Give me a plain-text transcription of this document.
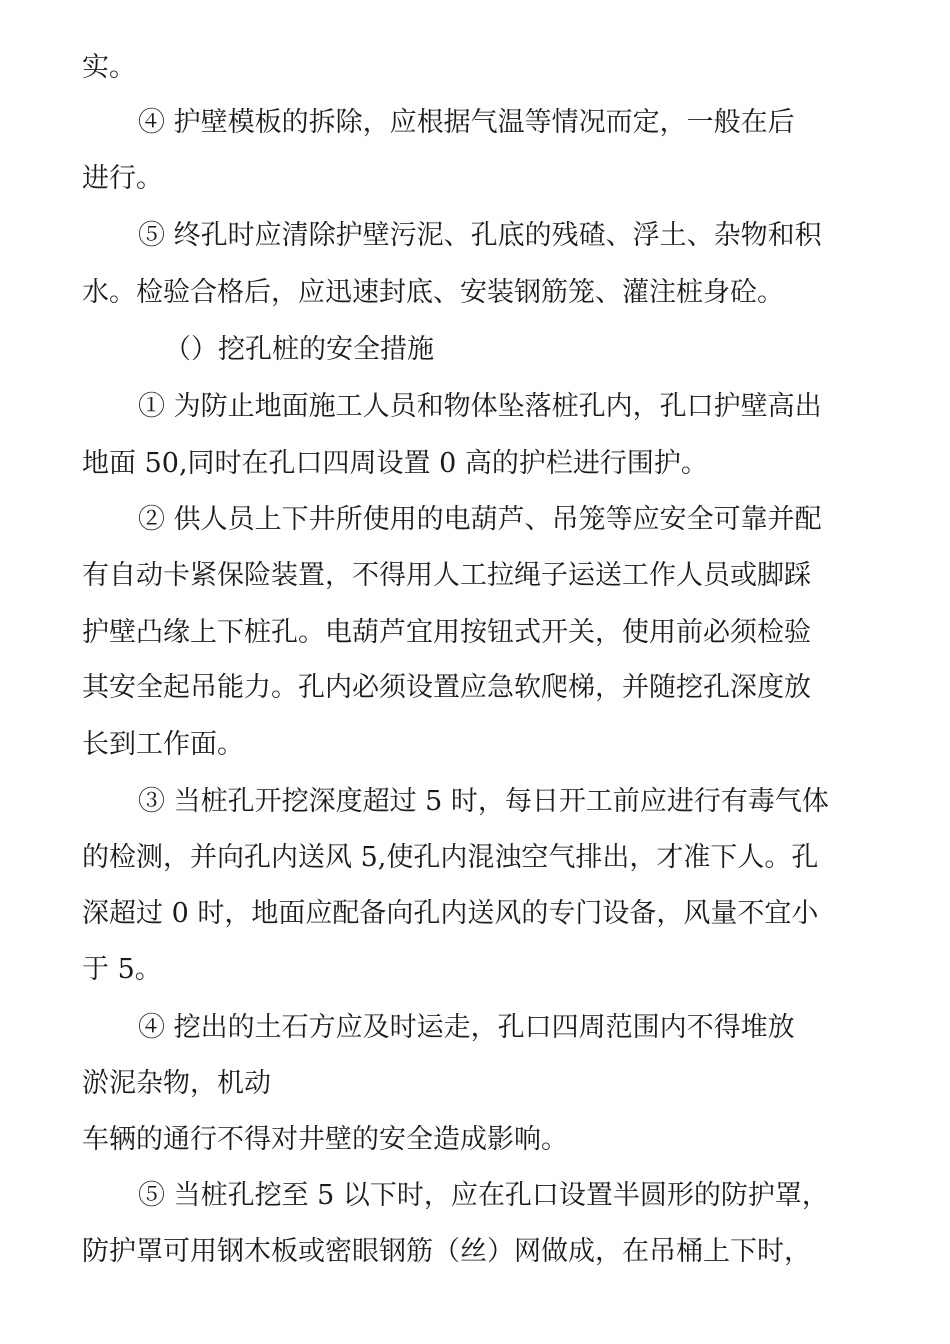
实。
④ 护壁模板的拆除，应根据气温等情况而定，一般在后
进行。
⑤ 终孔时应清除护壁污泥、孔底的残碴、浮土、杂物和积
水。检验合格后，应迅速封底、安装钢筋笼、灌注桩身砼。
（）挖孔桩的安全措施
① 为防止地面施工人员和物体坠落桩孔内，孔口护壁高出
地面 50,同时在孔口四周设置 0 高的护栏进行围护。
② 供人员上下井所使用的电葫芦、吊笼等应安全可靠并配
有自动卡紧保险装置，不得用人工拉绳子运送工作人员或脚踩
护壁凸缘上下桩孔。电葫芦宜用按钮式开关，使用前必须检验
其安全起吊能力。孔内必须设置应急软爬梯，并随挖孔深度放
长到工作面。
③ 当桩孔开挖深度超过 5 时，每日开工前应进行有毒气体
的检测，并向孔内送风 5,使孔内混浊空气排出，才准下人。孔
深超过 0 时，地面应配备向孔内送风的专门设备，风量不宜小
于 5。
④ 挖出的土石方应及时运走，孔口四周范围内不得堆放
淤泥杂物，机动
车辆的通行不得对井壁的安全造成影响。
⑤ 当桩孔挖至 5 以下时，应在孔口设置半圆形的防护罩，
防护罩可用钢木板或密眼钢筋（丝）网做成，在吊桶上下时，
